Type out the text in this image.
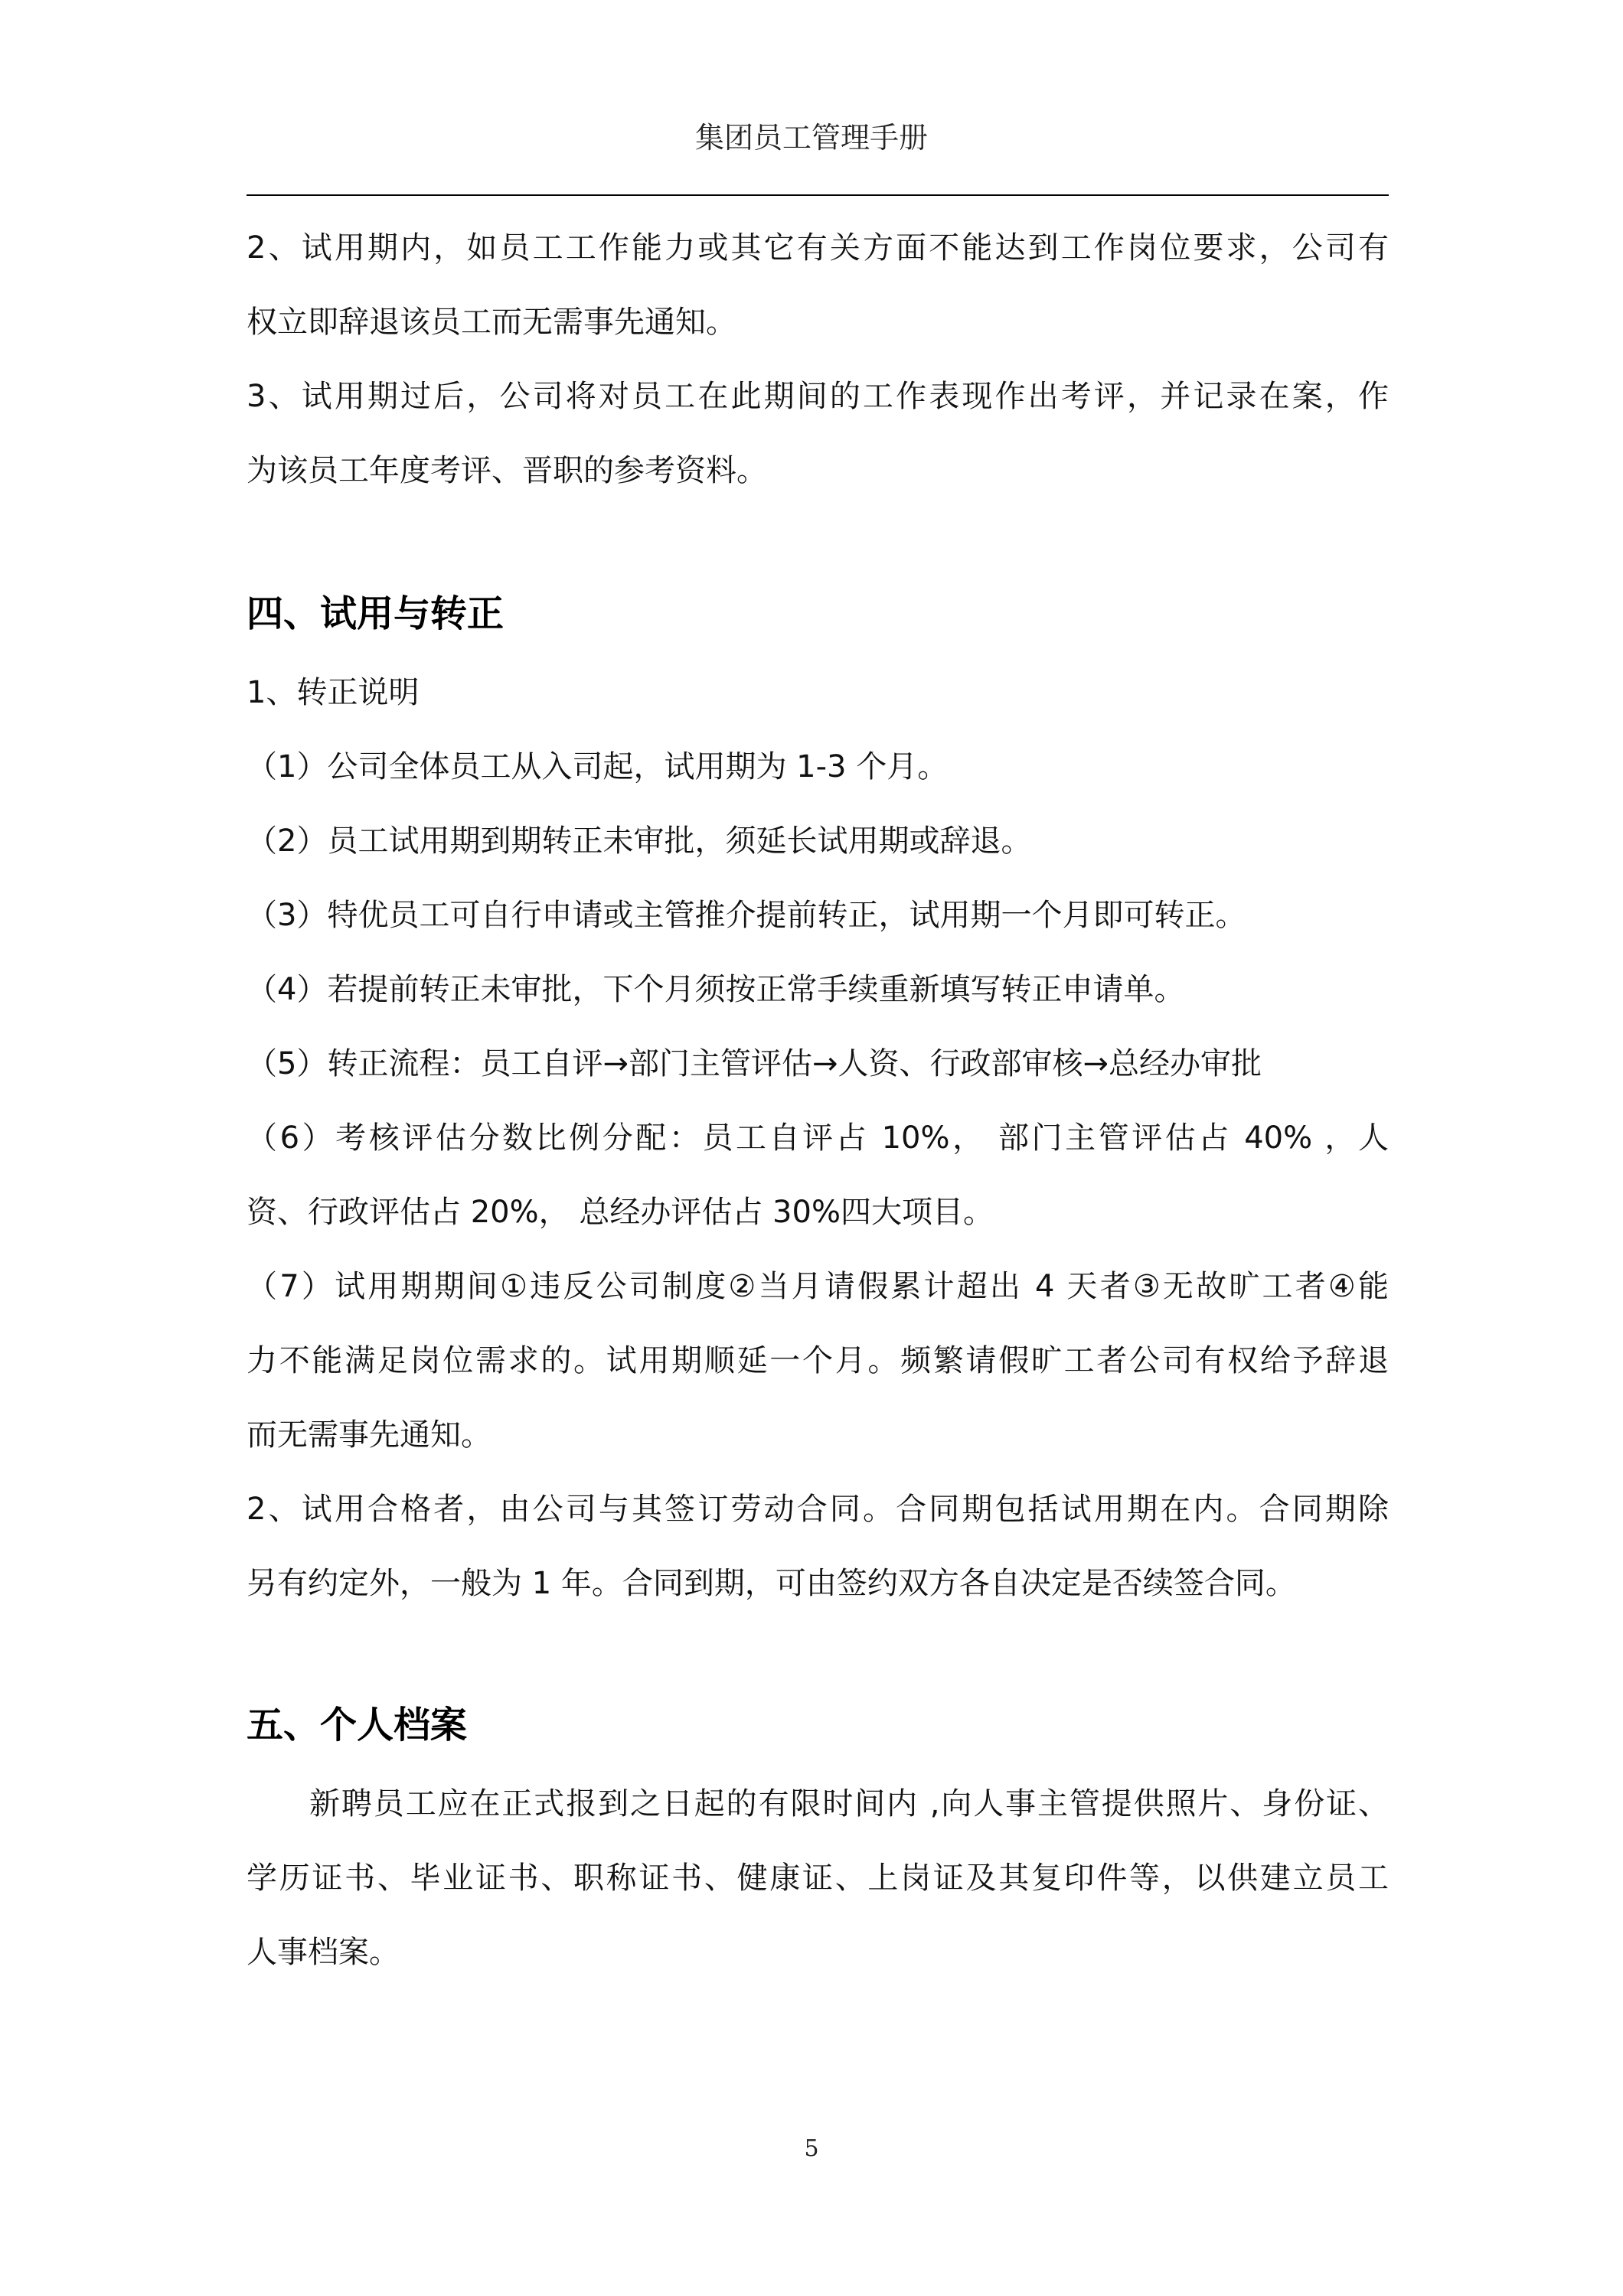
集团员工管理手册
2、试用期内，如员工工作能力或其它有关方面不能达到工作岗位要求，公司有
权立即辞退该员工而无需事先通知。
3、试用期过后，公司将对员工在此期间的工作表现作出考评，并记录在案，作
为该员工年度考评、晋职的参考资料。
四、试用与转正
1、转正说明
（1）公司全体员工从入司起，试用期为 1-3 个月。
（2）员工试用期到期转正未审批，须延长试用期或辞退。
（3）特优员工可自行申请或主管推介提前转正，试用期一个月即可转正。
（4）若提前转正未审批，下个月须按正常手续重新填写转正申请单。
（5）转正流程：员工自评→部门主管评估→人资、行政部审核→总经办审批
（6）考核评估分数比例分配：员工自评占 10%， 部门主管评估占 40% ，人
资、行政评估占 20%， 总经办评估占 30%四大项目。
（7）试用期期间①违反公司制度②当月请假累计超出 4 天者③无故旷工者④能
力不能满足岗位需求的。试用期顺延一个月。频繁请假旷工者公司有权给予辞退
而无需事先通知。
2、试用合格者，由公司与其签订劳动合同。合同期包括试用期在内。合同期除
另有约定外，一般为 1 年。合同到期，可由签约双方各自决定是否续签合同。
五、个人档案
新聘员工应在正式报到之日起的有限时间内 ,向人事主管提供照片、身份证、
学历证书、毕业证书、职称证书、健康证、上岗证及其复印件等，以供建立员工
人事档案。
5
